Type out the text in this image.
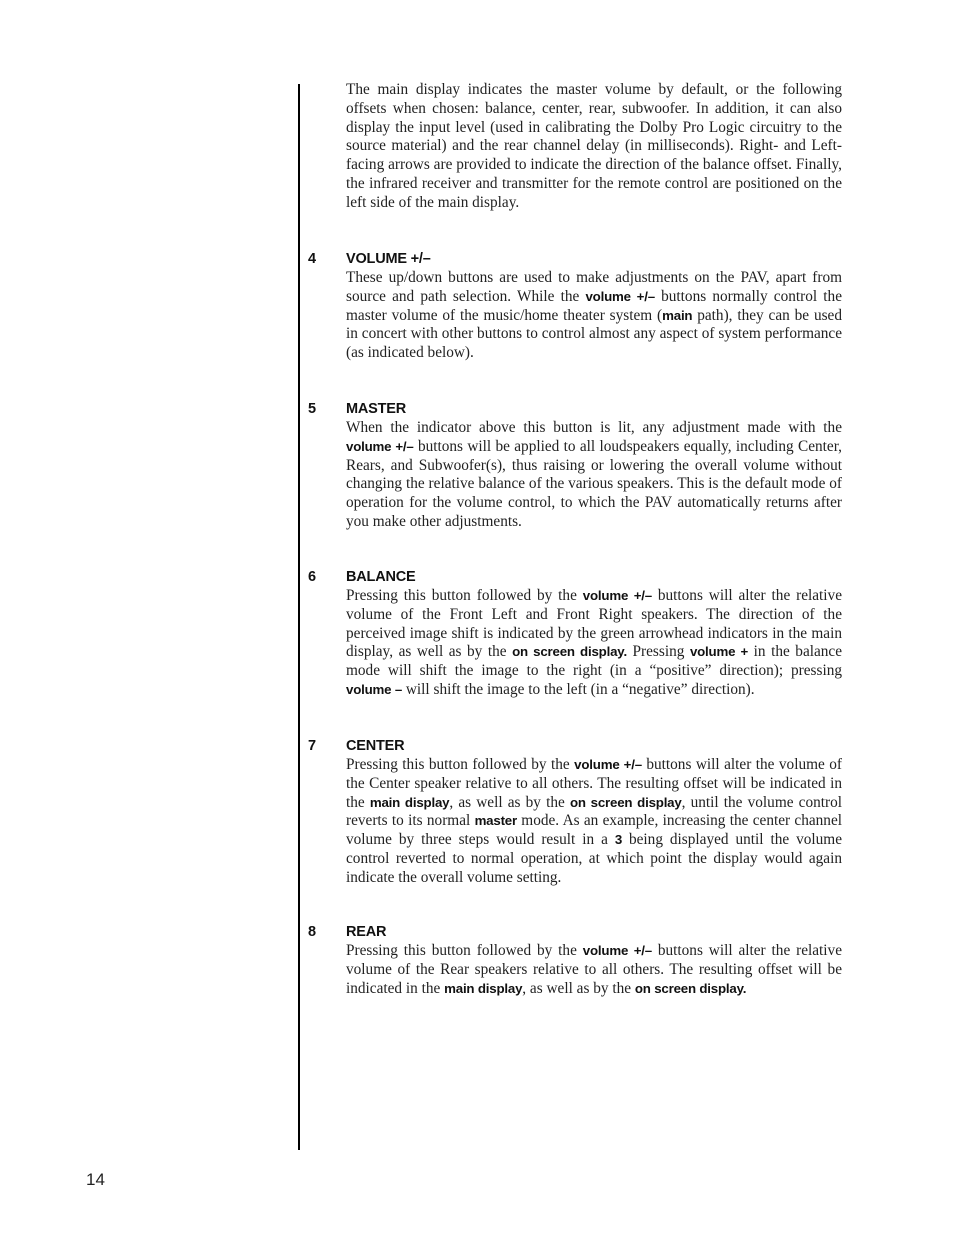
The main display indicates the master volume by default, or the following offsets when chosen: balance, center, rear, subwoofer. In addition, it can also display the input level (used in calibrating the Dolby Pro Logic circuitry to the source material) and the rear channel delay (in milliseconds). Right- and Left-facing arrows are provided to indicate the direction of the balance offset. Finally, the infrared receiver and transmitter for the remote control are positioned on the left side of the main display.

4 VOLUME +/–

These up/down buttons are used to make adjustments on the PAV, apart from source and path selection. While the volume +/– buttons normally control the master volume of the music/home theater system (main path), they can be used in concert with other buttons to control almost any aspect of system performance (as indicated below).

5 MASTER

When the indicator above this button is lit, any adjustment made with the volume +/– buttons will be applied to all loudspeakers equally, including Center, Rears, and Subwoofer(s), thus raising or lowering the overall volume without changing the relative balance of the various speakers. This is the default mode of operation for the volume control, to which the PAV automatically returns after you make other adjustments.

6 BALANCE

Pressing this button followed by the volume +/– buttons will alter the relative volume of the Front Left and Front Right speakers. The direction of the perceived image shift is indicated by the green arrowhead indicators in the main display, as well as by the on screen display. Pressing volume + in the balance mode will shift the image to the right (in a “positive” direction); pressing volume – will shift the image to the left (in a “negative” direction).

7 CENTER

Pressing this button followed by the volume +/– buttons will alter the volume of the Center speaker relative to all others. The resulting offset will be indicated in the main display, as well as by the on screen display, until the volume control reverts to its normal master mode. As an example, increasing the center channel volume by three steps would result in a 3 being displayed until the volume control reverted to normal operation, at which point the display would again indicate the overall volume setting.

8 REAR

Pressing this button followed by the volume +/– buttons will alter the relative volume of the Rear speakers relative to all others. The resulting offset will be indicated in the main display, as well as by the on screen display.

14
